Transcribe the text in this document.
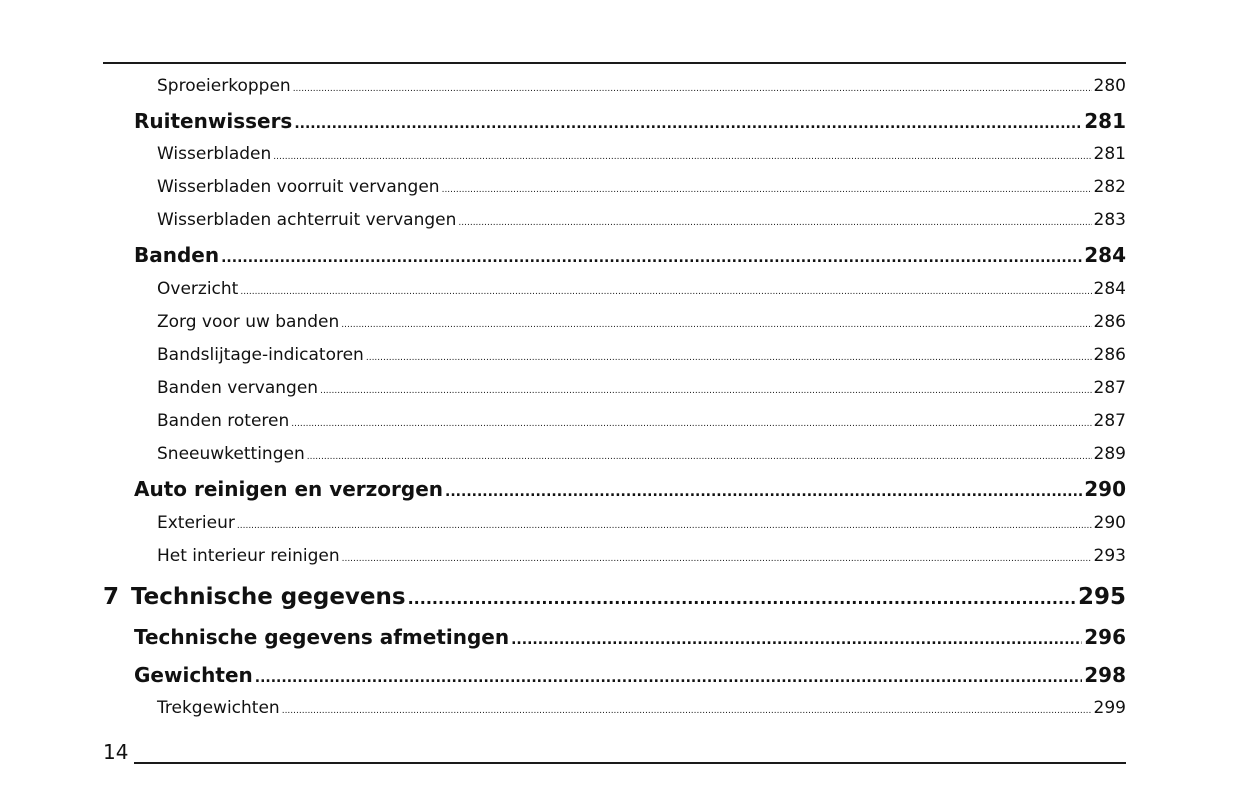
Sproeierkoppen .....	280
Ruitenwissers .....	281
Wisserbladen .....	281
Wisserbladen voorruit vervangen .....	282
Wisserbladen achterruit vervangen .....	283
Banden .....	284
Overzicht .....	284
Zorg voor uw banden .....	286
Bandslijtage-indicatoren .....	286
Banden vervangen .....	287
Banden roteren .....	287
Sneeuwkettingen .....	289
Auto reinigen en verzorgen .....	290
Exterieur .....	290
Het interieur reinigen .....	293
7 Technische gegevens .....	295
Technische gegevens afmetingen .....	296
Gewichten .....	298
Trekgewichten .....	299
14
